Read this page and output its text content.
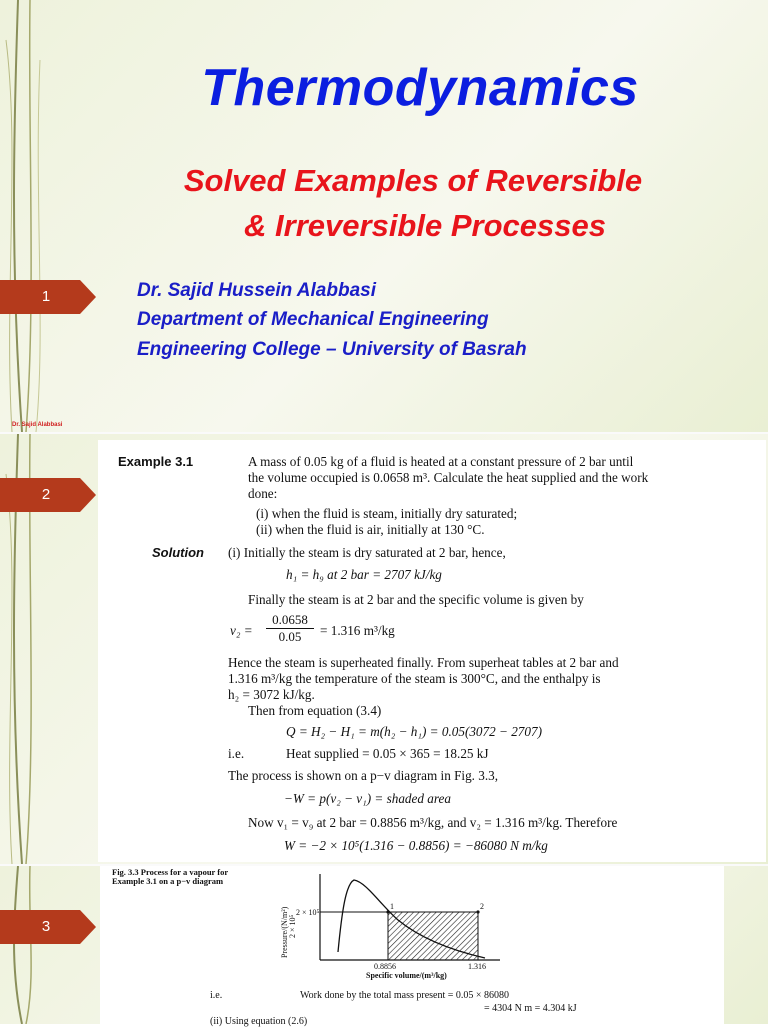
1
Thermodynamics
Solved Examples of Reversible
& Irreversible Processes
Dr. Sajid Hussein Alabbasi
Department of Mechanical Engineering
Engineering College – University of Basrah
Dr. Sajid Alabbasi
2
Example 3.1	A mass of 0.05 kg of a fluid is heated at a constant pressure of 2 bar until
the volume occupied is 0.0658 m³. Calculate the heat supplied and the work
done:
(i) when the fluid is steam, initially dry saturated;
(ii) when the fluid is air, initially at 130 °C.
Solution (i) Initially the steam is dry saturated at 2 bar, hence,
h₁ = h₉ at 2 bar = 2707 kJ/kg
Finally the steam is at 2 bar and the specific volume is given by
$v_2 = \frac{0.0658}{0.05} = 1.316$ m³/kg
Hence the steam is superheated finally. From superheat tables at 2 bar and
1.316 m³/kg the temperature of the steam is 300°C, and the enthalpy is
h₂ = 3072 kJ/kg.
Then from equation (3.4)
Q = H₂ − H₁ = m(h₂ − h₁) = 0.05(3072 − 2707)
i.e.	Heat supplied = 0.05 × 365 = 18.25 kJ
The process is shown on a p−v diagram in Fig. 3.3,
−W = p(v₂ − v₁) = shaded area
Now v₁ = v₉ at 2 bar = 0.8856 m³/kg, and v₂ = 1.316 m³/kg. Therefore
W = −2 × 10⁵(1.316 − 0.8856) = −86080 N m/kg
3
Fig. 3.3 Process for a vapour for Example 3.1 on a p−v diagram
2 × 10⁵
Pressure/(N/m²) 2 × 10⁵
1	2
0.8856	1.316
Specific volume/(m³/kg)
i.e.	Work done by the total mass present = 0.05 × 86080
= 4304 N m = 4.304 kJ
(ii) Using equation (2.6)
